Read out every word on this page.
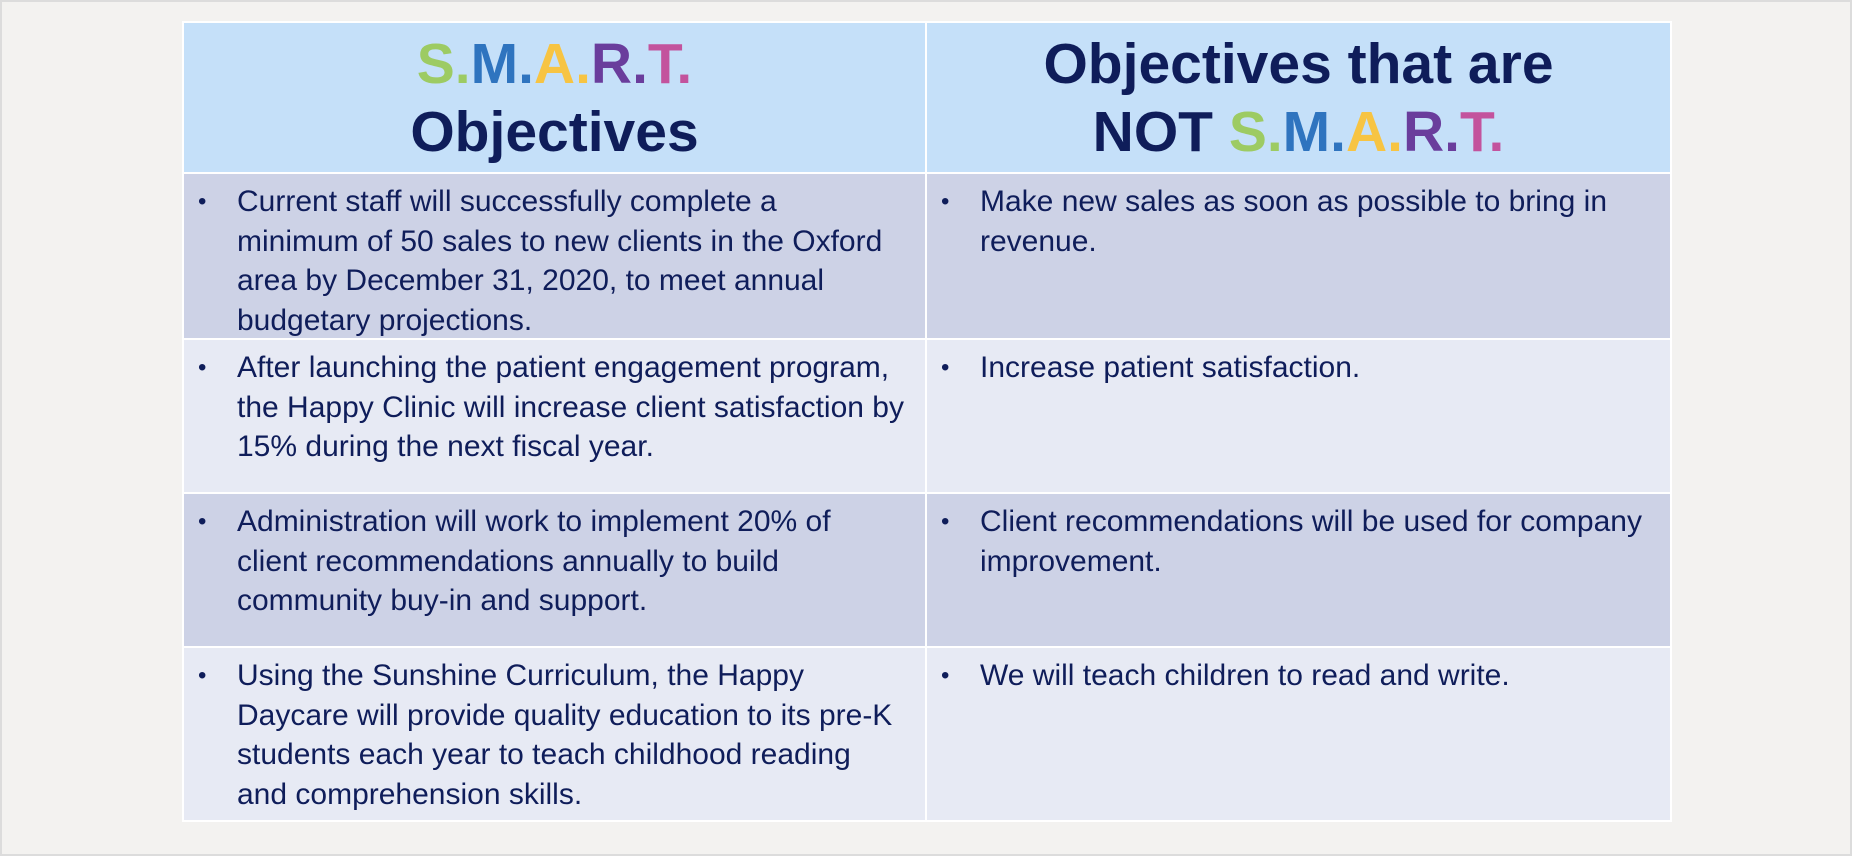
S.M.A.R.T.
Objectives
Objectives that are
NOT S.M.A.R.T.
• Current staff will successfully complete a minimum of 50 sales to new clients in the Oxford area by December 31, 2020, to meet annual budgetary projections.
• Make new sales as soon as possible to bring in revenue.
• After launching the patient engagement program, the Happy Clinic will increase client satisfaction by 15% during the next fiscal year.
• Increase patient satisfaction.
• Administration will work to implement 20% of client recommendations annually to build community buy-in and support.
• Client recommendations will be used for company improvement.
• Using the Sunshine Curriculum, the Happy Daycare will provide quality education to its pre-K students each year to teach childhood reading and comprehension skills.
• We will teach children to read and write.
